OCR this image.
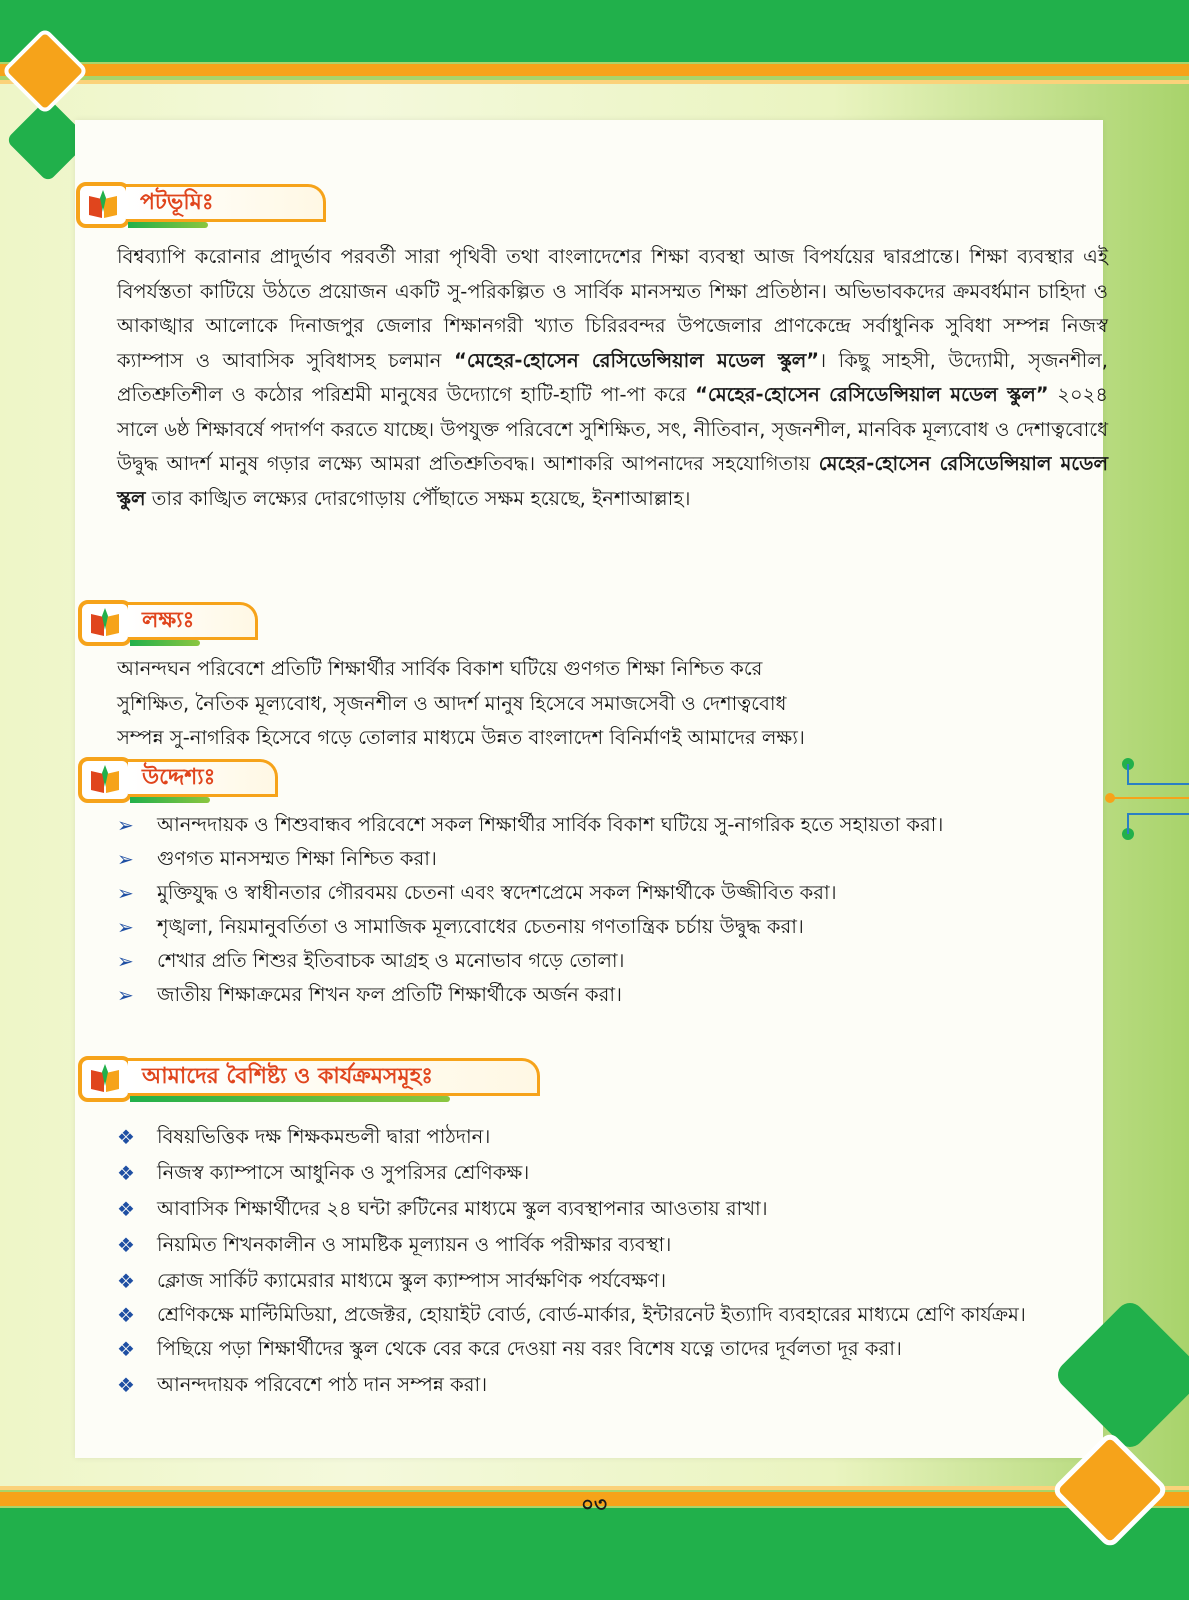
পটভূমিঃ

বিশ্বব্যাপি করোনার প্রাদুর্ভাব পরবর্তী সারা পৃথিবী তথা বাংলাদেশের শিক্ষা ব্যবস্থা আজ বিপর্যয়ের দ্বারপ্রান্তে। শিক্ষা ব্যবস্থার এই বিপর্যস্ততা কাটিয়ে উঠতে প্রয়োজন একটি সু-পরিকল্পিত ও সার্বিক মানসম্মত শিক্ষা প্রতিষ্ঠান। অভিভাবকদের ক্রমবর্ধমান চাহিদা ও আকাঙ্খার আলোকে দিনাজপুর জেলার শিক্ষানগরী খ্যাত চিরিরবন্দর উপজেলার প্রাণকেন্দ্রে সর্বাধুনিক সুবিধা সম্পন্ন নিজস্ব ক্যাম্পাস ও আবাসিক সুবিধাসহ চলমান “মেহের-হোসেন রেসিডেন্সিয়াল মডেল স্কুল”। কিছু সাহসী, উদ্যোমী, সৃজনশীল, প্রতিশ্রুতিশীল ও কঠোর পরিশ্রমী মানুষের উদ্যোগে হাটি-হাটি পা-পা করে “মেহের-হোসেন রেসিডেন্সিয়াল মডেল স্কুল” ২০২৪ সালে ৬ষ্ঠ শিক্ষাবর্ষে পদার্পণ করতে যাচ্ছে। উপযুক্ত পরিবেশে সুশিক্ষিত, সৎ, নীতিবান, সৃজনশীল, মানবিক মূল্যবোধ ও দেশাত্ববোধে উদ্বুদ্ধ আদর্শ মানুষ গড়ার লক্ষ্যে আমরা প্রতিশ্রুতিবদ্ধ। আশাকরি আপনাদের সহযোগিতায় মেহের-হোসেন রেসিডেন্সিয়াল মডেল স্কুল তার কাঙ্খিত লক্ষ্যের দোরগোড়ায় পৌঁছাতে সক্ষম হয়েছে, ইনশাআল্লাহ।

লক্ষ্যঃ
আনন্দঘন পরিবেশে প্রতিটি শিক্ষার্থীর সার্বিক বিকাশ ঘটিয়ে গুণগত শিক্ষা নিশ্চিত করে
সুশিক্ষিত, নৈতিক মূল্যবোধ, সৃজনশীল ও আদর্শ মানুষ হিসেবে সমাজসেবী ও দেশাত্ববোধ
সম্পন্ন সু-নাগরিক হিসেবে গড়ে তোলার মাধ্যমে উন্নত বাংলাদেশ বিনির্মাণই আমাদের লক্ষ্য।
উদ্দেশ্যঃ
➢ আনন্দদায়ক ও শিশুবান্ধব পরিবেশে সকল শিক্ষার্থীর সার্বিক বিকাশ ঘটিয়ে সু-নাগরিক হতে সহায়তা করা।
➢ গুণগত মানসম্মত শিক্ষা নিশ্চিত করা।
➢ মুক্তিযুদ্ধ ও স্বাধীনতার গৌরবময় চেতনা এবং স্বদেশপ্রেমে সকল শিক্ষার্থীকে উজ্জীবিত করা।
➢ শৃঙ্খলা, নিয়মানুবর্তিতা ও সামাজিক মূল্যবোধের চেতনায় গণতান্ত্রিক চর্চায় উদ্বুদ্ধ করা।
➢ শেখার প্রতি শিশুর ইতিবাচক আগ্রহ ও মনোভাব গড়ে তোলা।
➢ জাতীয় শিক্ষাক্রমের শিখন ফল প্রতিটি শিক্ষার্থীকে অর্জন করা।
আমাদের বৈশিষ্ট্য ও কার্যক্রমসমূহঃ
❖ বিষয়ভিত্তিক দক্ষ শিক্ষকমন্ডলী দ্বারা পাঠদান।
❖ নিজস্ব ক্যাম্পাসে আধুনিক ও সুপরিসর শ্রেণিকক্ষ।
❖ আবাসিক শিক্ষার্থীদের ২৪ ঘন্টা রুটিনের মাধ্যমে স্কুল ব্যবস্থাপনার আওতায় রাখা।
❖ নিয়মিত শিখনকালীন ও সামষ্টিক মূল্যায়ন ও পার্বিক পরীক্ষার ব্যবস্থা।
❖ ক্লোজ সার্কিট ক্যামেরার মাধ্যমে স্কুল ক্যাম্পাস সার্বক্ষণিক পর্যবেক্ষণ।
❖ শ্রেণিকক্ষে মাল্টিমিডিয়া, প্রজেক্টর, হোয়াইট বোর্ড, বোর্ড-মার্কার, ইন্টারনেট ইত্যাদি ব্যবহারের মাধ্যমে শ্রেণি কার্যক্রম।
❖ পিছিয়ে পড়া শিক্ষার্থীদের স্কুল থেকে বের করে দেওয়া নয় বরং বিশেষ যত্নে তাদের দূর্বলতা দূর করা।
❖ আনন্দদায়ক পরিবেশে পাঠ দান সম্পন্ন করা।
০৩
